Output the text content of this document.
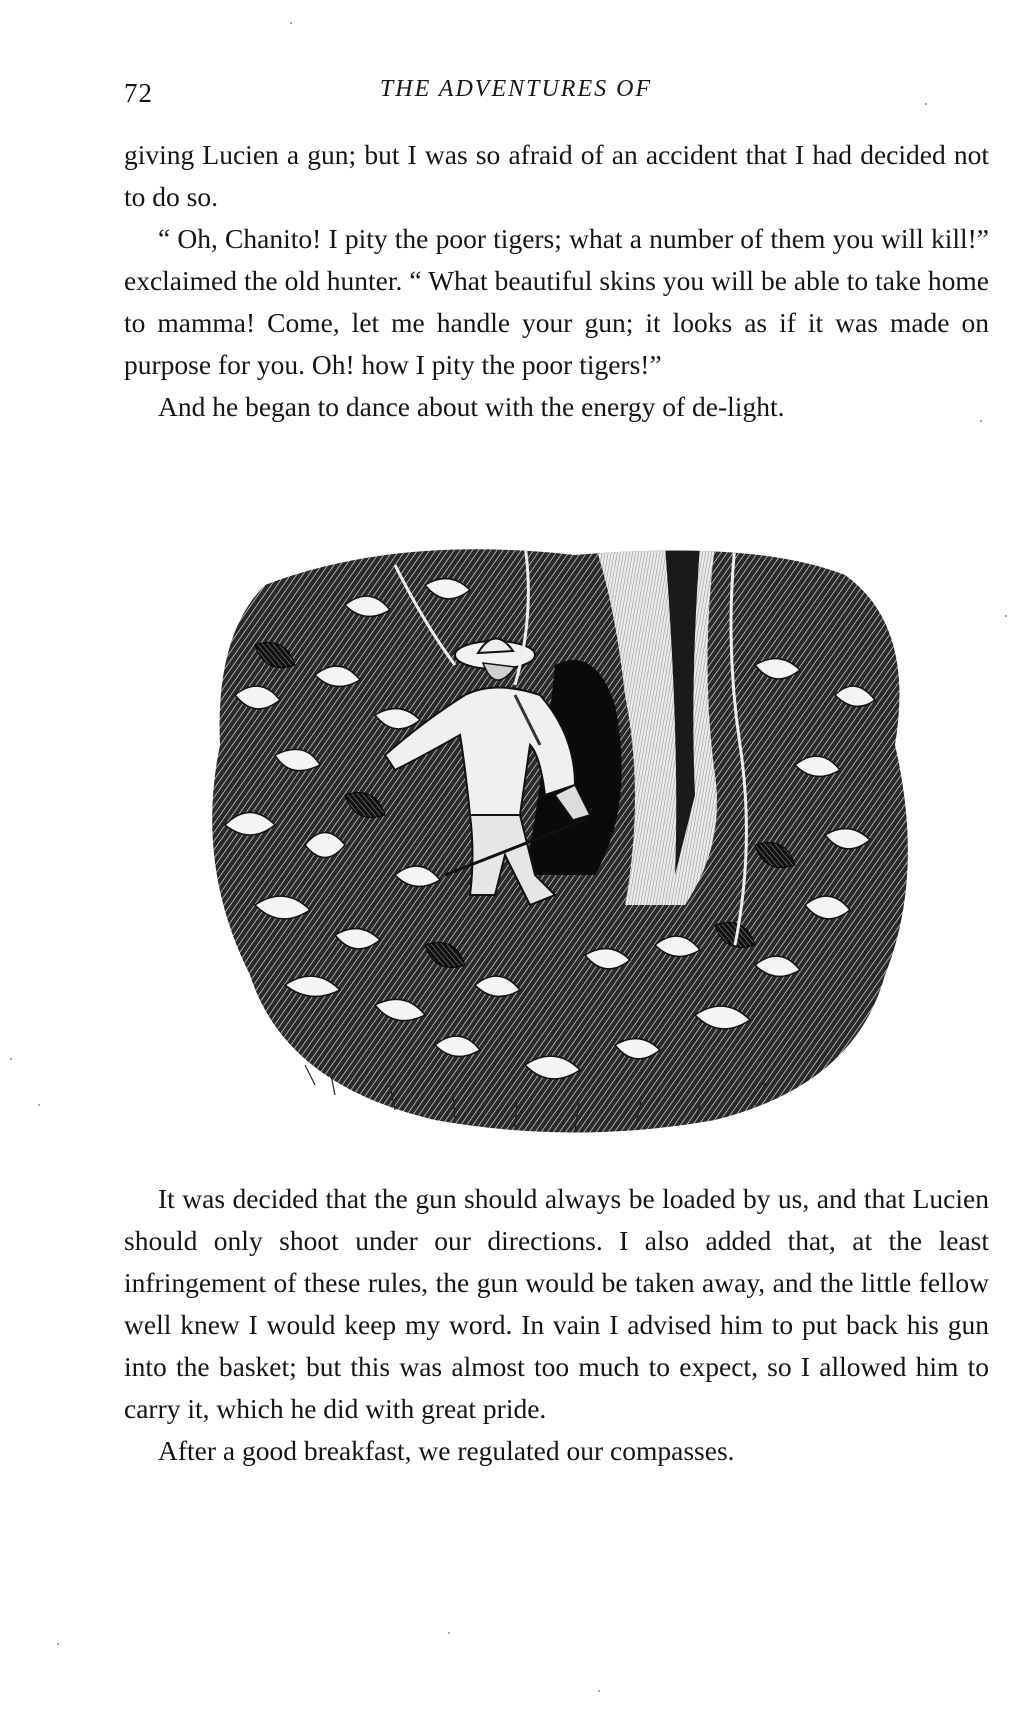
72	THE ADVENTURES OF

giving Lucien a gun; but I was so afraid of an accident that I had decided not to do so.

“ Oh, Chanito! I pity the poor tigers; what a number of them you will kill!” exclaimed the old hunter. “ What beautiful skins you will be able to take home to mamma! Come, let me handle your gun; it looks as if it was made on purpose for you. Oh! how I pity the poor tigers!”

And he began to dance about with the energy of de-light.

It was decided that the gun should always be loaded by us, and that Lucien should only shoot under our directions. I also added that, at the least infringement of these rules, the gun would be taken away, and the little fellow well knew I would keep my word. In vain I advised him to put back his gun into the basket; but this was almost too much to expect, so I allowed him to carry it, which he did with great pride.

After a good breakfast, we regulated our compasses.
